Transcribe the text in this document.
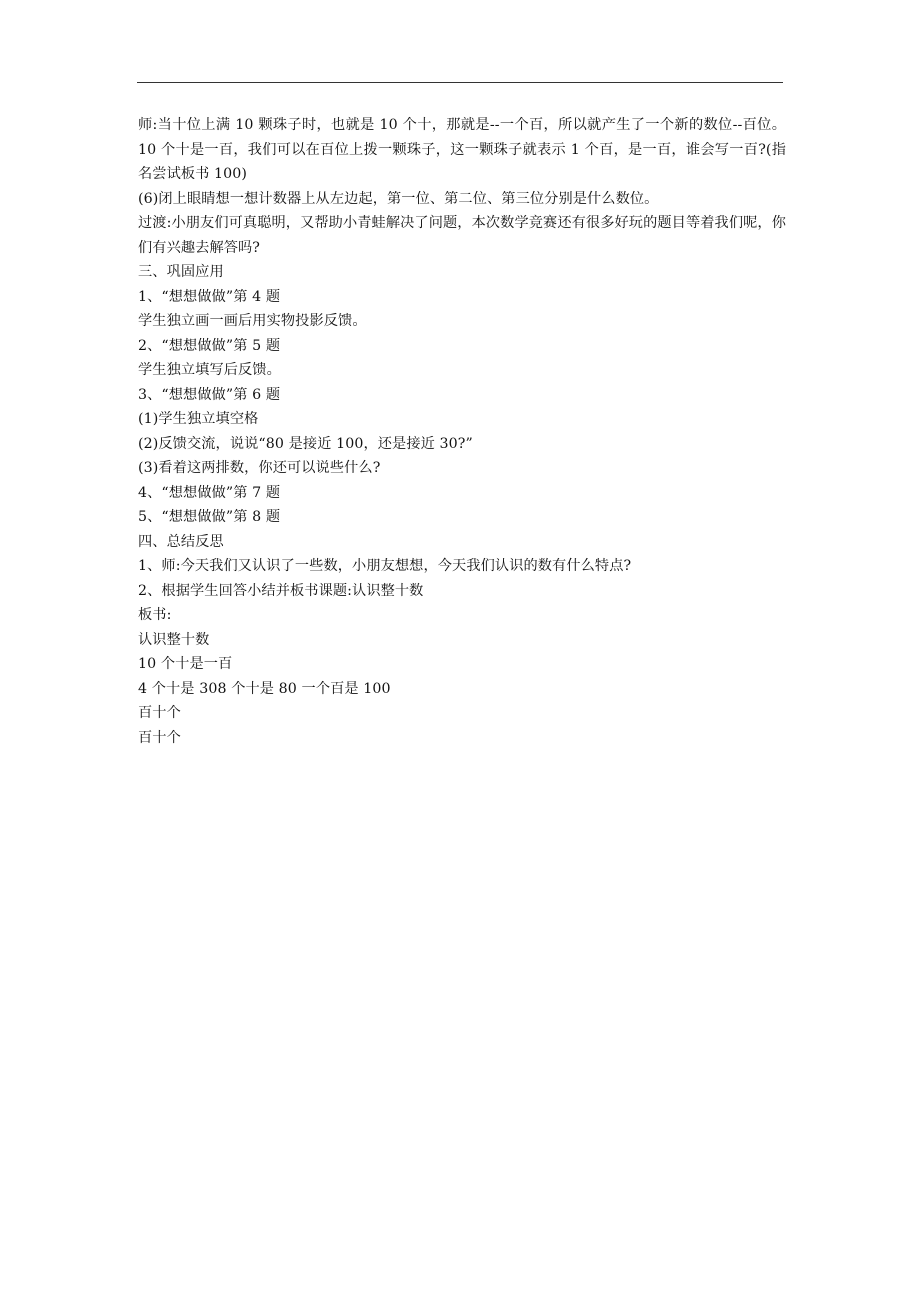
师:当十位上满 10 颗珠子时，也就是 10 个十，那就是--一个百，所以就产生了一个新的数位--百位。10 个十是一百，我们可以在百位上拨一颗珠子，这一颗珠子就表示 1 个百，是一百，谁会写一百?(指名尝试板书 100)

(6)闭上眼睛想一想计数器上从左边起，第一位、第二位、第三位分别是什么数位。

过渡:小朋友们可真聪明，又帮助小青蛙解决了问题，本次数学竞赛还有很多好玩的题目等着我们呢，你们有兴趣去解答吗?

三、巩固应用

1、“想想做做”第 4 题

学生独立画一画后用实物投影反馈。

2、“想想做做”第 5 题

学生独立填写后反馈。

3、“想想做做”第 6 题

(1)学生独立填空格

(2)反馈交流，说说“80 是接近 100，还是接近 30?”

(3)看着这两排数，你还可以说些什么?

4、“想想做做”第 7 题

5、“想想做做”第 8 题

四、总结反思

1、师:今天我们又认识了一些数，小朋友想想，今天我们认识的数有什么特点?

2、根据学生回答小结并板书课题:认识整十数

板书:

认识整十数

10 个十是一百

4 个十是 308 个十是 80 一个百是 100

百十个

百十个
